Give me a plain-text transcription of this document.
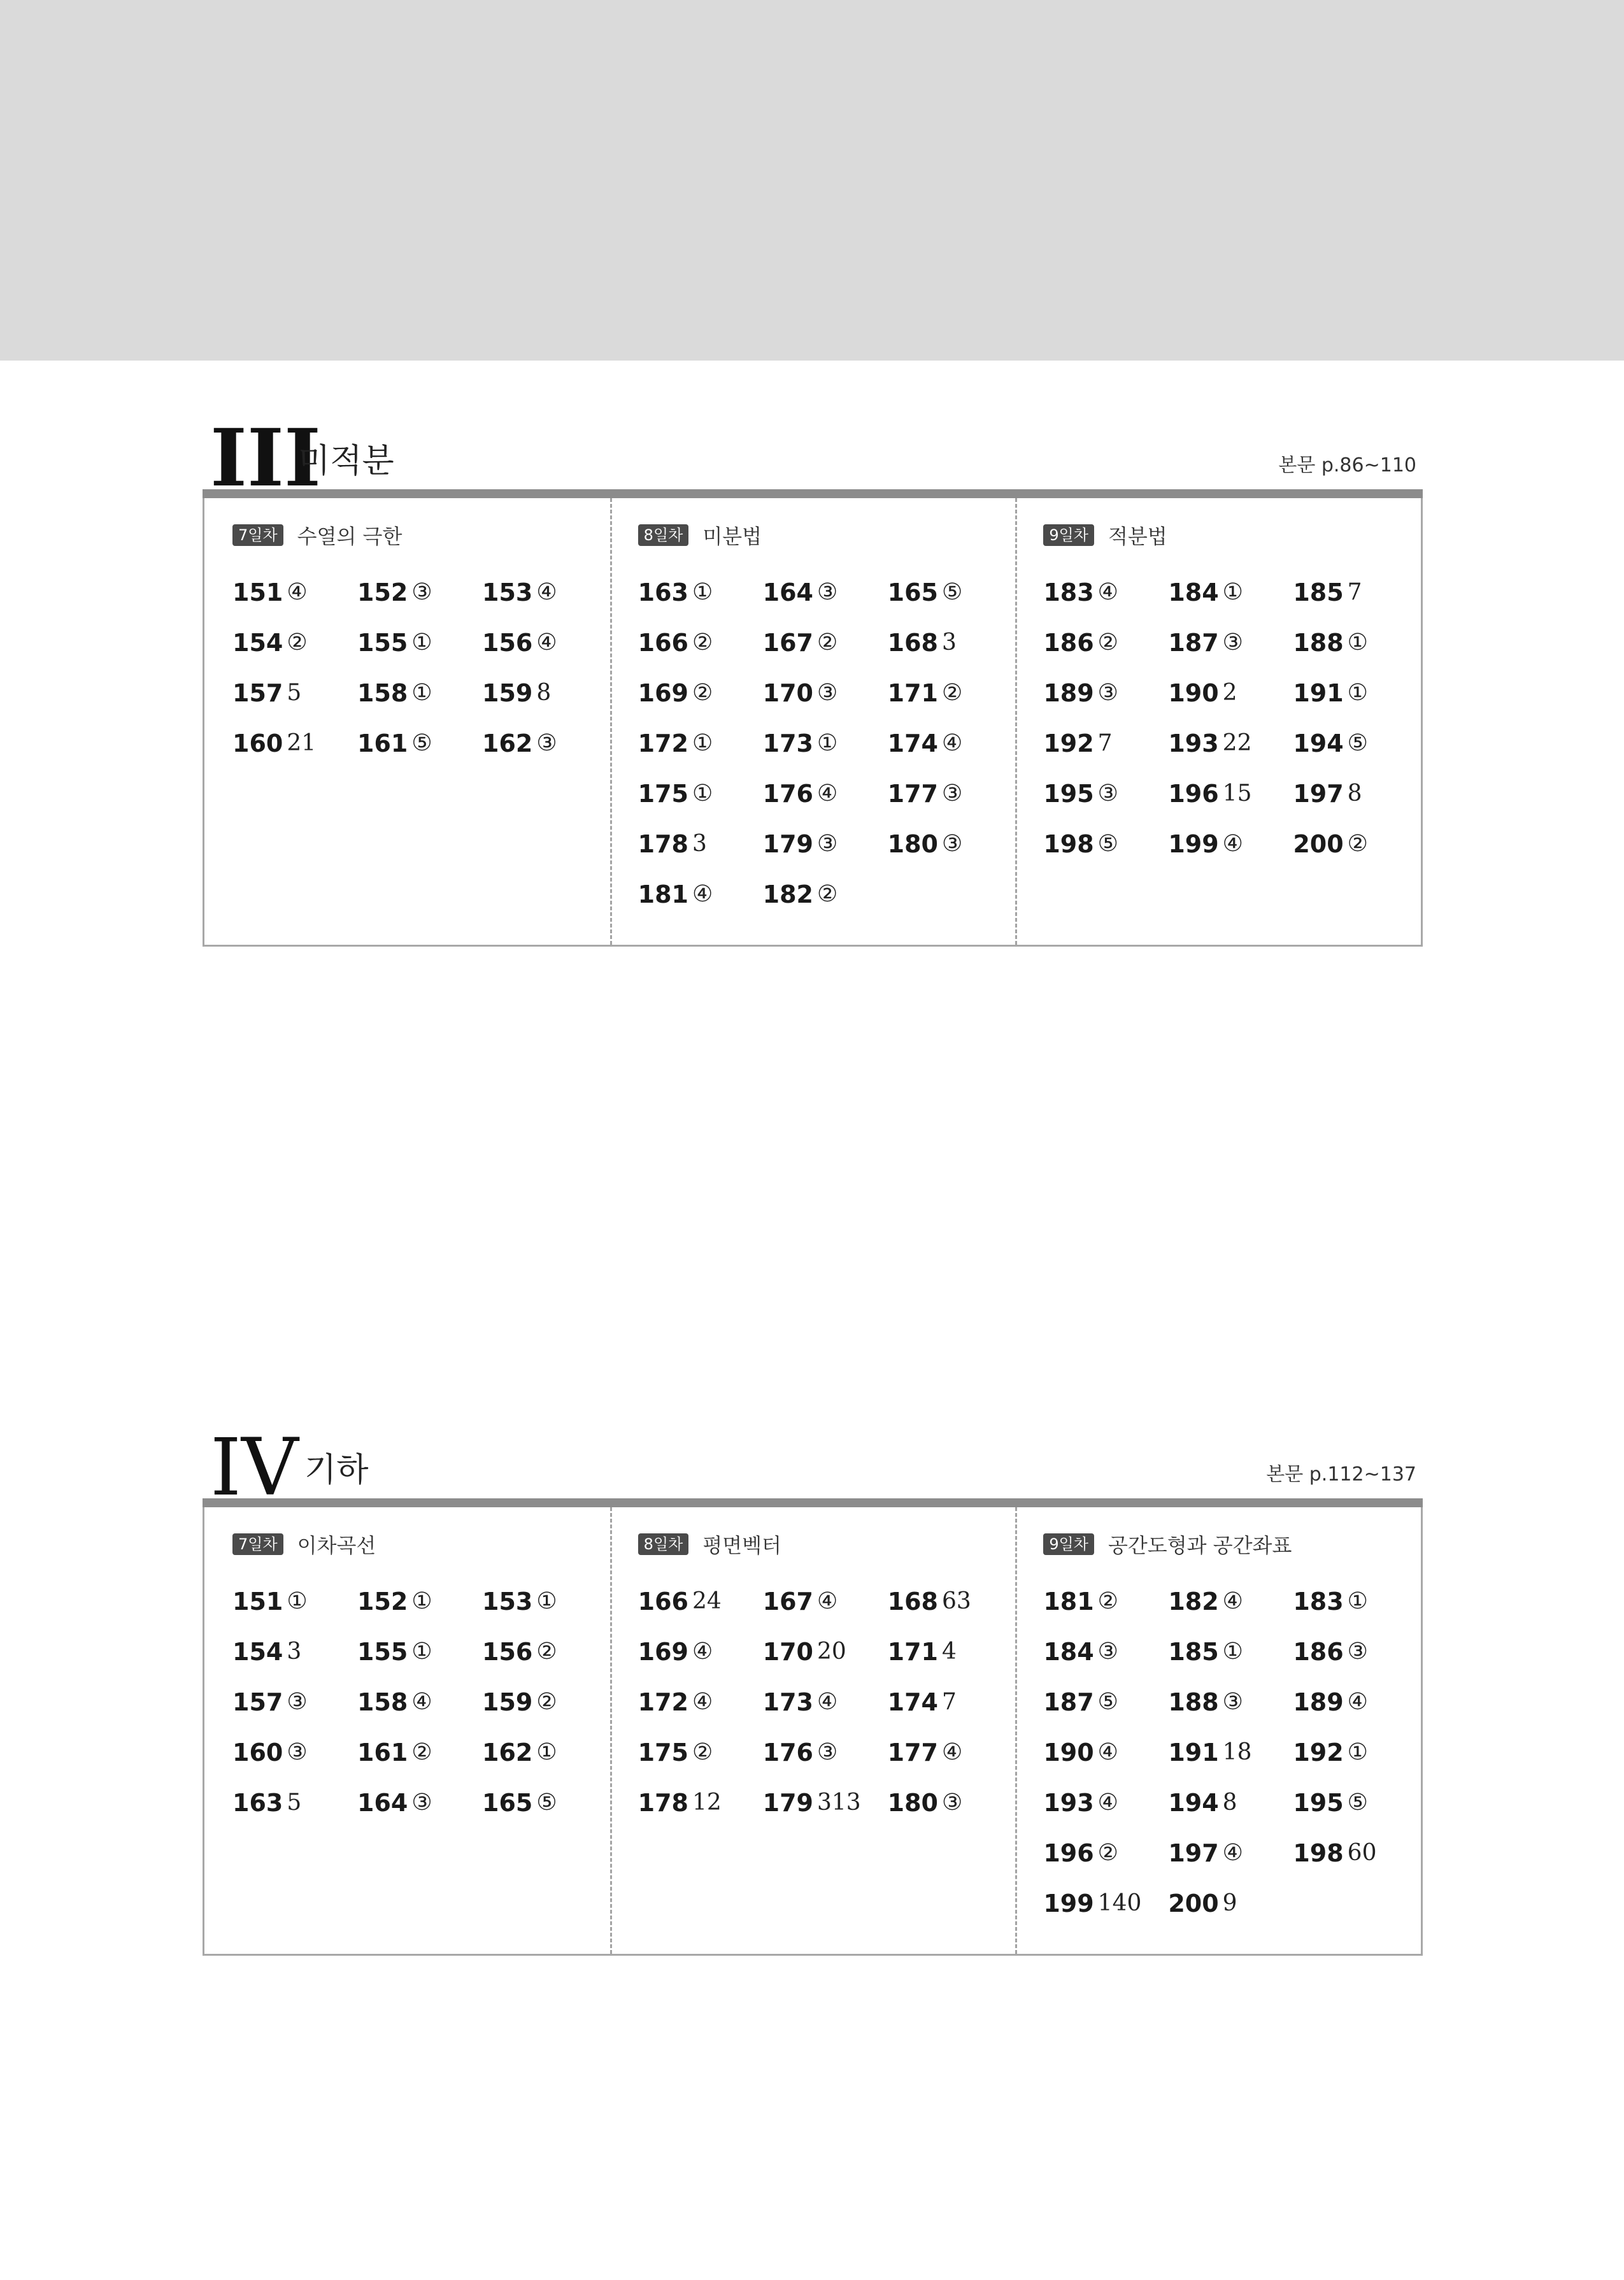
III
미적분	본문 p.86~110
7일차 수열의 극한
151 ④ 152 ③ 153 ④
154 ② 155 ① 156 ④
157 5 158 ① 159 8
160 21 161 ⑤ 162 ③
8일차 미분법
163 ① 164 ③ 165 ⑤
166 ② 167 ② 168 3
169 ② 170 ③ 171 ②
172 ① 173 ① 174 ④
175 ① 176 ④ 177 ③
178 3 179 ③ 180 ③
181 ④ 182 ②
9일차 적분법
183 ④ 184 ① 185 7
186 ② 187 ③ 188 ①
189 ③ 190 2 191 ①
192 7 193 22 194 ⑤
195 ③ 196 15 197 8
198 ⑤ 199 ④ 200 ②
IV 기하	본문 p.112~137
7일차 이차곡선
151 ① 152 ① 153 ①
154 3 155 ① 156 ②
157 ③ 158 ④ 159 ②
160 ③ 161 ② 162 ①
163 5 164 ③ 165 ⑤
8일차 평면벡터
166 24 167 ④ 168 63
169 ④ 170 20 171 4
172 ④ 173 ④ 174 7
175 ② 176 ③ 177 ④
178 12 179 313 180 ③
9일차 공간도형과 공간좌표
181 ② 182 ④ 183 ①
184 ③ 185 ① 186 ③
187 ⑤ 188 ③ 189 ④
190 ④ 191 18 192 ①
193 ④ 194 8 195 ⑤
196 ② 197 ④ 198 60
199 140 200 9
